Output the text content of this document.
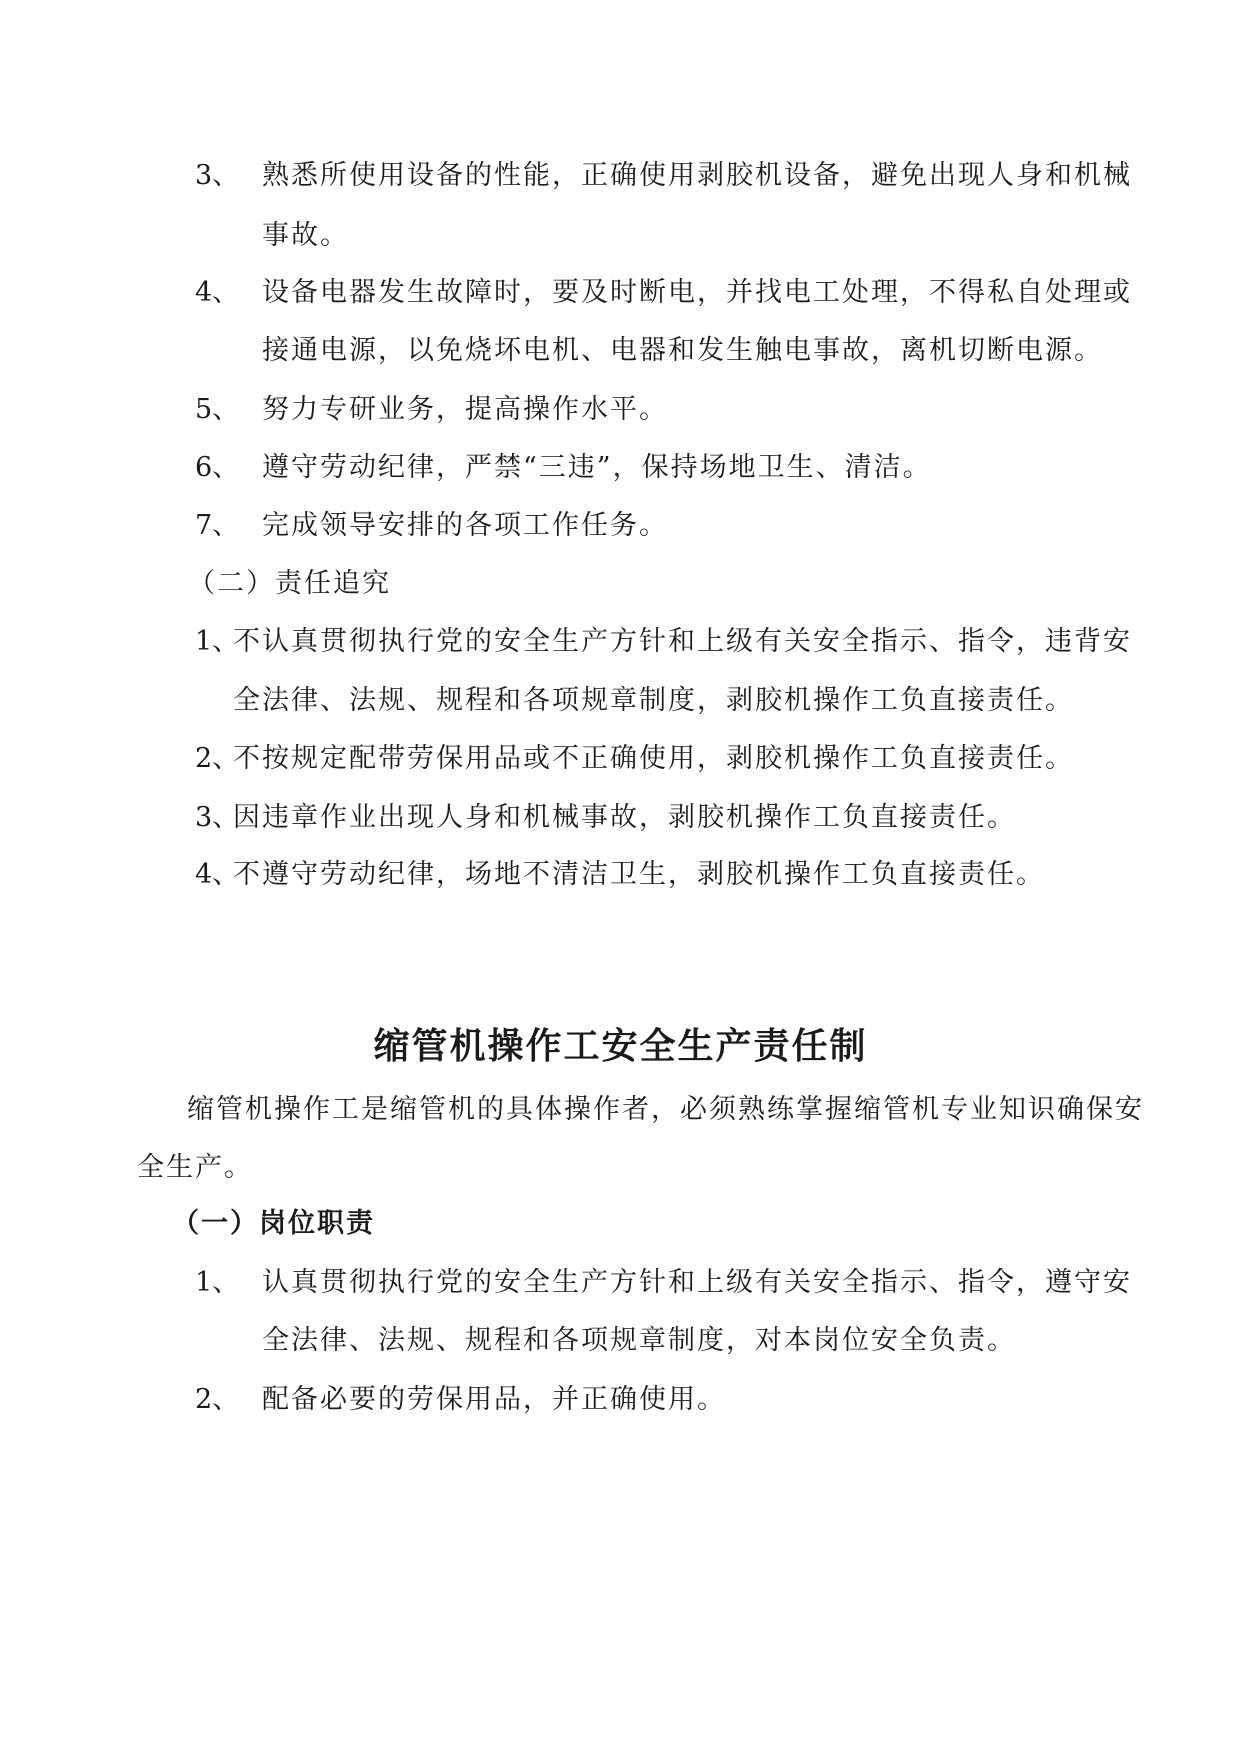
3、 熟悉所使用设备的性能，正确使用剥胶机设备，避免出现人身和机械
事故。
4、 设备电器发生故障时，要及时断电，并找电工处理，不得私自处理或
接通电源，以免烧坏电机、电器和发生触电事故，离机切断电源。
5、 努力专研业务，提高操作水平。
6、 遵守劳动纪律，严禁“三违”，保持场地卫生、清洁。
7、 完成领导安排的各项工作任务。
（二）责任追究
1、
不认真贯彻执行党的安全生产方针和上级有关安全指示、指令，违背安
全法律、法规、规程和各项规章制度，剥胶机操作工负直接责任。
2、
不按规定配带劳保用品或不正确使用，剥胶机操作工负直接责任。
3、
因违章作业出现人身和机械事故，剥胶机操作工负直接责任。
4、
不遵守劳动纪律，场地不清洁卫生，剥胶机操作工负直接责任。
缩管机操作工安全生产责任制
缩管机操作工是缩管机的具体操作者，必须熟练掌握缩管机专业知识确保安
全生产。
（一）岗位职责
1、 认真贯彻执行党的安全生产方针和上级有关安全指示、指令，遵守安
全法律、法规、规程和各项规章制度，对本岗位安全负责。
2、 配备必要的劳保用品，并正确使用。
